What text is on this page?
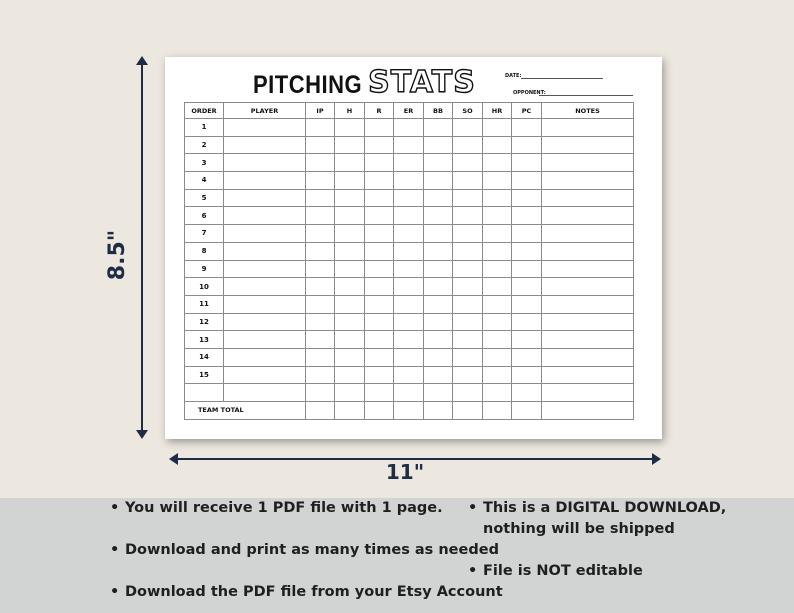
8.5"
PITCHING STATS	DATE:
OPPONENT:
ORDER	PLAYER	IP	H	R	ER	BB	SO	HR	PC	NOTES
1										
2										
3										
4										
5										
6										
7										
8										
9										
10										
11										
12										
13										
14										
15										

TEAM TOTAL										
11"
• You will receive 1 PDF file with 1 page.
• Download and print as many times as needed
• Download the PDF file from your Etsy Account
• This is a DIGITAL DOWNLOAD,
nothing will be shipped
• File is NOT editable
